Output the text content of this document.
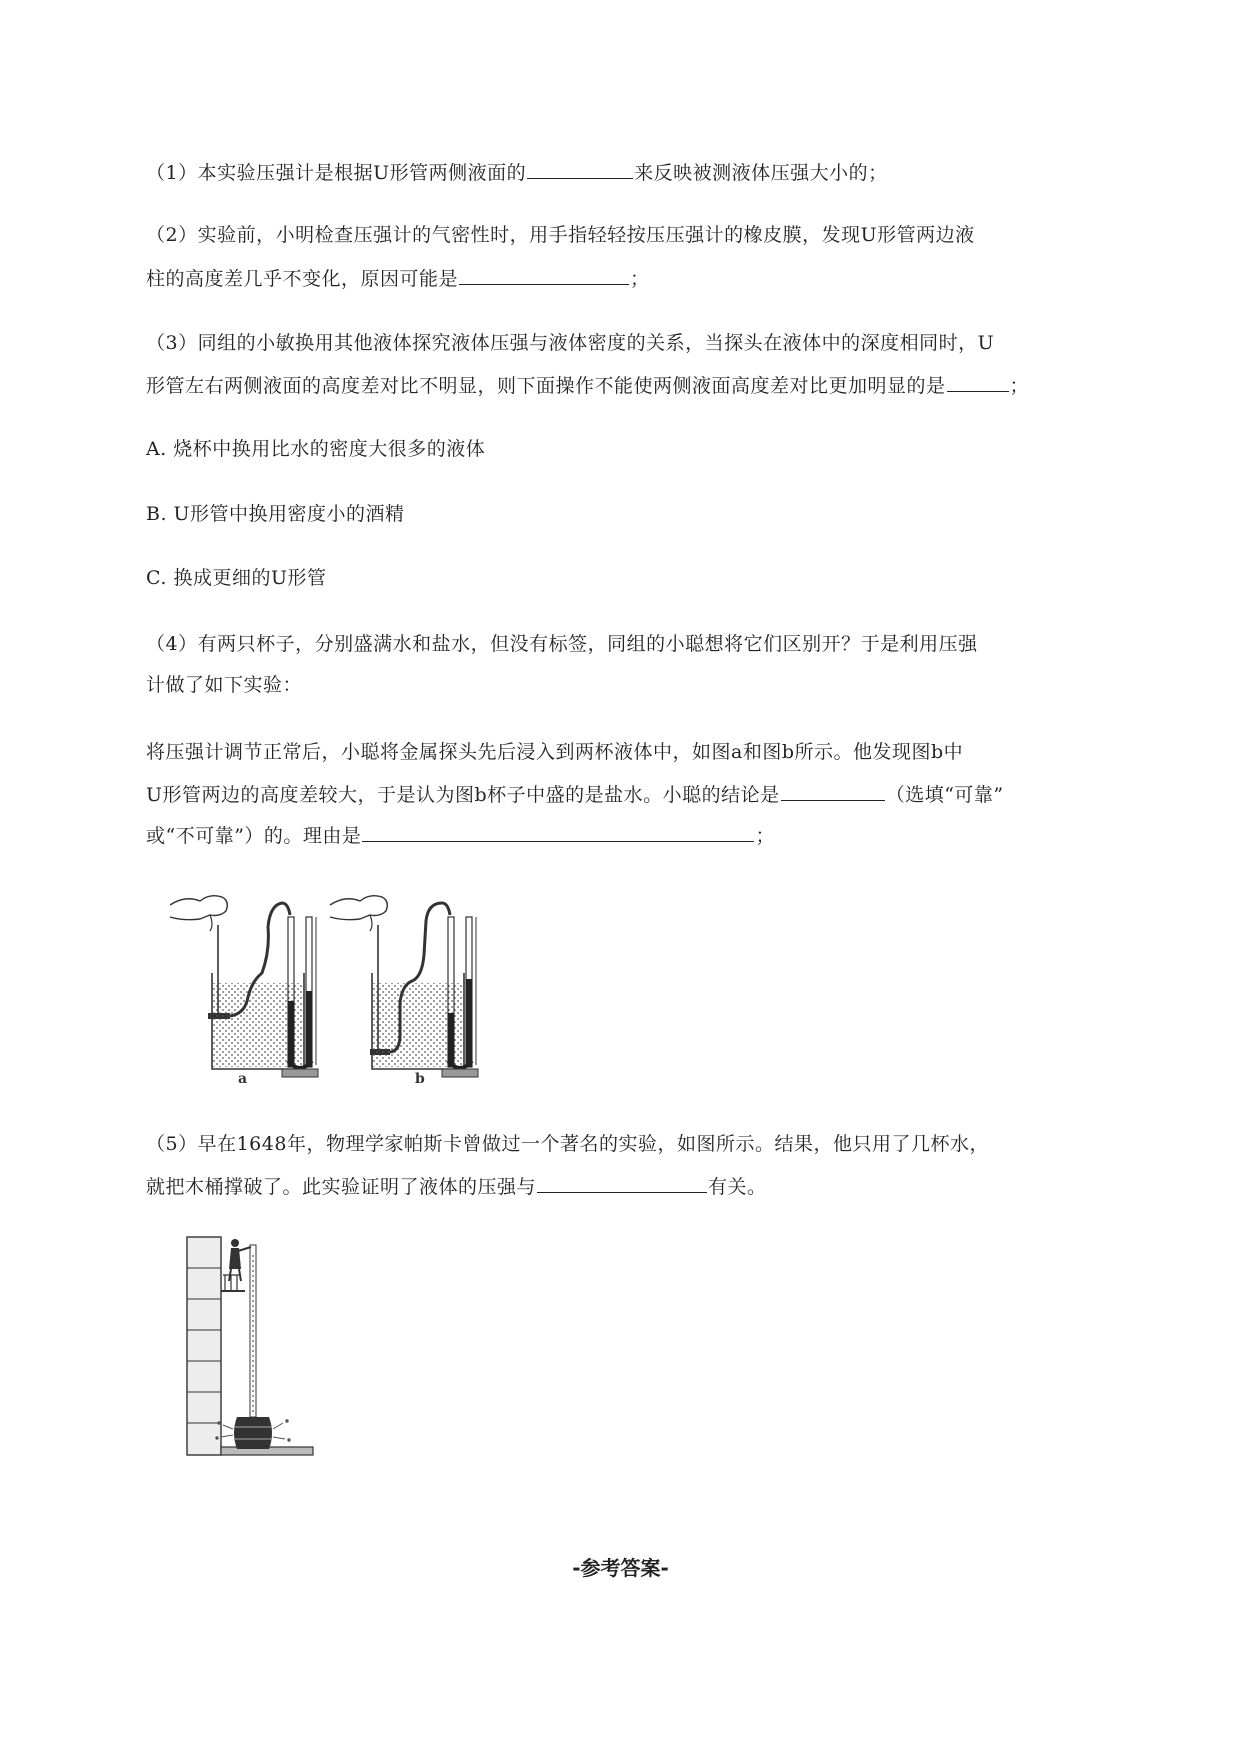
（1）本实验压强计是根据U形管两侧液面的	来反映被测液体压强大小的；
（2）实验前，小明检查压强计的气密性时，用手指轻轻按压压强计的橡皮膜，发现U形管两边液
柱的高度差几乎不变化，原因可能是	；
（3）同组的小敏换用其他液体探究液体压强与液体密度的关系，当探头在液体中的深度相同时，U
形管左右两侧液面的高度差对比不明显，则下面操作不能使两侧液面高度差对比更加明显的是	；
A. 烧杯中换用比水的密度大很多的液体
B. U形管中换用密度小的酒精
C. 换成更细的U形管
（4）有两只杯子，分别盛满水和盐水，但没有标签，同组的小聪想将它们区别开？于是利用压强
计做了如下实验：
将压强计调节正常后，小聪将金属探头先后浸入到两杯液体中，如图a和图b所示。他发现图b中
U形管两边的高度差较大，于是认为图b杯子中盛的是盐水。小聪的结论是	（选填“可靠”
或“不可靠”）的。理由是	；
a	b
（5）早在1648年，物理学家帕斯卡曾做过一个著名的实验，如图所示。结果，他只用了几杯水，
就把木桶撑破了。此实验证明了液体的压强与	有关。
-参考答案-
